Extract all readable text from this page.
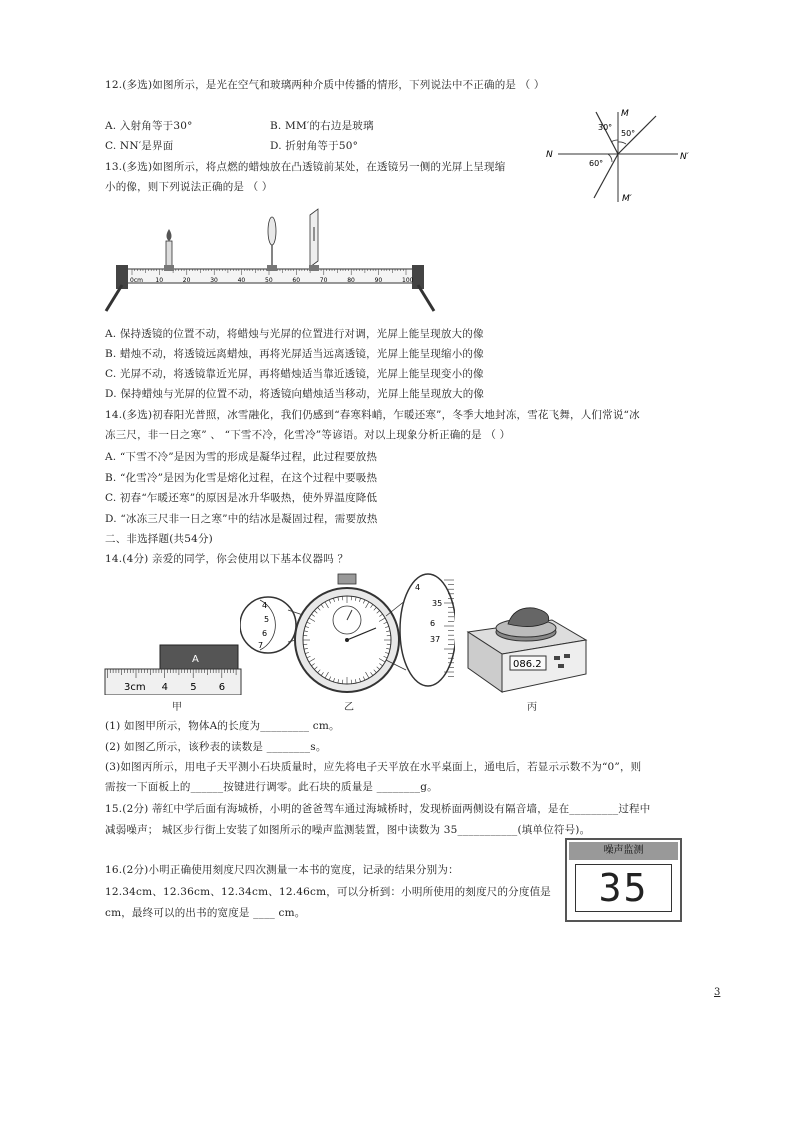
12.(多选)如图所示，是光在空气和玻璃两种介质中传播的情形，下列说法中不正确的是 （ ）
A. 入射角等于30°	B. MM′的右边是玻璃
C. NN′是界面	D. 折射角等于50°
M
M′
N	N′
30°
50°
60°
13.(多选)如图所示，将点燃的蜡烛放在凸透镜前某处，在透镜另一侧的光屏上呈现缩
小的像，则下列说法正确的是 （ ）
0cm 10	20	30	40	50	60	70	80	90	100
A. 保持透镜的位置不动，将蜡烛与光屏的位置进行对调，光屏上能呈现放大的像
B. 蜡烛不动，将透镜远离蜡烛，再将光屏适当远离透镜，光屏上能呈现缩小的像
C. 光屏不动，将透镜靠近光屏，再将蜡烛适当靠近透镜，光屏上能呈现变小的像
D. 保持蜡烛与光屏的位置不动，将透镜向蜡烛适当移动，光屏上能呈现放大的像
14.(多选)初春阳光普照，冰雪融化，我们仍感到“春寒料峭，乍暖还寒”，冬季大地封冻，雪花飞舞，人们常说“冰
冻三尺，非一日之寒” 、 “下雪不冷，化雪冷”等谚语。对以上现象分析正确的是 （ ）
A. “下雪不冷”是因为雪的形成是凝华过程，此过程要放热
B. “化雪冷”是因为化雪是熔化过程，在这个过程中要吸热
C. 初春“乍暖还寒”的原因是冰升华吸热，使外界温度降低
D. “冰冻三尺非一日之寒”中的结冰是凝固过程，需要放热
二、非选择题(共54分)
14.(4分) 亲爱的同学，你会使用以下基本仪器吗 ？
A
3cm 4 5 6
4
5
6
7
4
35
6
37
086.2
甲	乙	丙
(1) 如图甲所示，物体A的长度为_________ cm。
(2) 如图乙所示，该秒表的读数是 ________s。
(3)如图丙所示，用电子天平测小石块质量时，应先将电子天平放在水平桌面上，通电后，若显示示数不为“0”，则
需按一下面板上的______按键进行调零。此石块的质量是 ________g。
15.(2分) 蒂红中学后面有海城桥，小明的爸爸驾车通过海城桥时，发现桥面两侧设有隔音墙，是在_________过程中
减弱噪声； 城区步行街上安装了如图所示的噪声监测装置，图中读数为 35___________(填单位符号)。
噪声监测
35
16.(2分)小明正确使用刻度尺四次测量一本书的宽度，记录的结果分别为：
12.34cm、12.36cm、12.34cm、12.46cm，可以分析到：小明所使用的刻度尺的分度值是
cm，最终可以的出书的宽度是 ____ cm。
3
